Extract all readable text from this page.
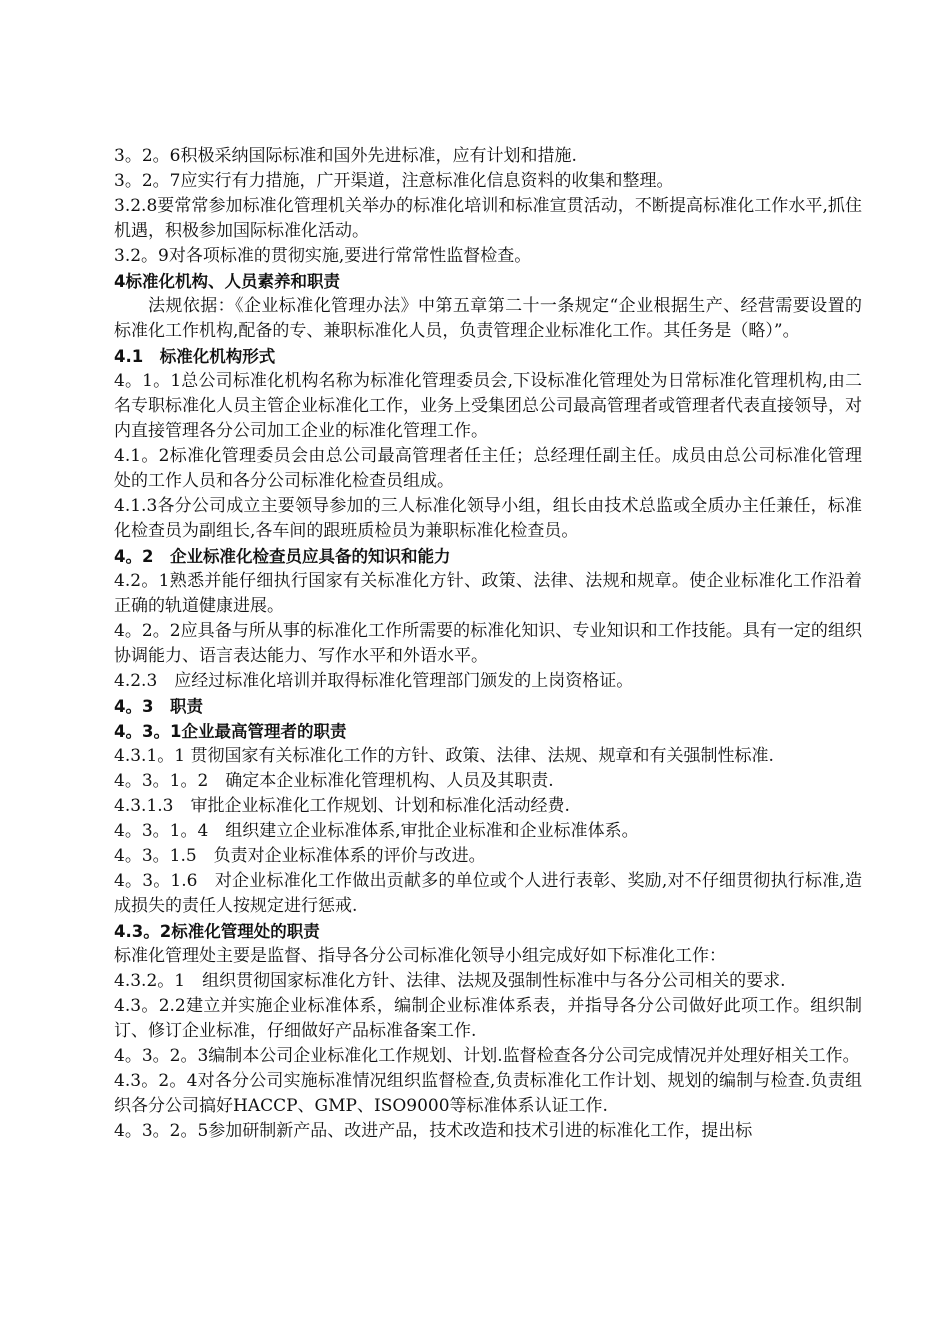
3。2。6积极采纳国际标准和国外先进标准，应有计划和措施.

3。2。7应实行有力措施，广开渠道，注意标准化信息资料的收集和整理。

3.2.8要常常参加标准化管理机关举办的标准化培训和标准宣贯活动，不断提高标准化工作水平,抓住机遇，积极参加国际标准化活动。

3.2。9对各项标准的贯彻实施,要进行常常性监督检查。

4标准化机构、人员素养和职责

法规依据：《企业标准化管理办法》中第五章第二十一条规定“企业根据生产、经营需要设置的标准化工作机构,配备的专、兼职标准化人员，负责管理企业标准化工作。其任务是（略）”。

4.1　标准化机构形式

4。1。1总公司标准化机构名称为标准化管理委员会,下设标准化管理处为日常标准化管理机构,由二名专职标准化人员主管企业标准化工作，业务上受集团总公司最高管理者或管理者代表直接领导，对内直接管理各分公司加工企业的标准化管理工作。

4.1。2标准化管理委员会由总公司最高管理者任主任；总经理任副主任。成员由总公司标准化管理处的工作人员和各分公司标准化检查员组成。

4.1.3各分公司成立主要领导参加的三人标准化领导小组，组长由技术总监或全质办主任兼任，标准化检查员为副组长,各车间的跟班质检员为兼职标准化检查员。

4。2　企业标准化检查员应具备的知识和能力

4.2。1熟悉并能仔细执行国家有关标准化方针、政策、法律、法规和规章。使企业标准化工作沿着正确的轨道健康进展。

4。2。2应具备与所从事的标准化工作所需要的标准化知识、专业知识和工作技能。具有一定的组织协调能力、语言表达能力、写作水平和外语水平。

4.2.3　应经过标准化培训并取得标准化管理部门颁发的上岗资格证。

4。3　职责

4。3。1企业最高管理者的职责

4.3.1。1 贯彻国家有关标准化工作的方针、政策、法律、法规、规章和有关强制性标准.

4。3。1。2　确定本企业标准化管理机构、人员及其职责.

4.3.1.3　审批企业标准化工作规划、计划和标准化活动经费.

4。3。1。4　组织建立企业标准体系,审批企业标准和企业标准体系。

4。3。1.5　负责对企业标准体系的评价与改进。

4。3。1.6　对企业标准化工作做出贡献多的单位或个人进行表彰、奖励,对不仔细贯彻执行标准,造成损失的责任人按规定进行惩戒.

4.3。2标准化管理处的职责

标准化管理处主要是监督、指导各分公司标准化领导小组完成好如下标准化工作：

4.3.2。1　组织贯彻国家标准化方针、法律、法规及强制性标准中与各分公司相关的要求.

4.3。2.2建立并实施企业标准体系，编制企业标准体系表，并指导各分公司做好此项工作。组织制订、修订企业标准，仔细做好产品标准备案工作.

4。3。2。3编制本公司企业标准化工作规划、计划.监督检查各分公司完成情况并处理好相关工作。

4.3。2。4对各分公司实施标准情况组织监督检查,负责标准化工作计划、规划的编制与检查.负责组织各分公司搞好HACCP、GMP、ISO9000等标准体系认证工作.

4。3。2。5参加研制新产品、改进产品，技术改造和技术引进的标准化工作，提出标
